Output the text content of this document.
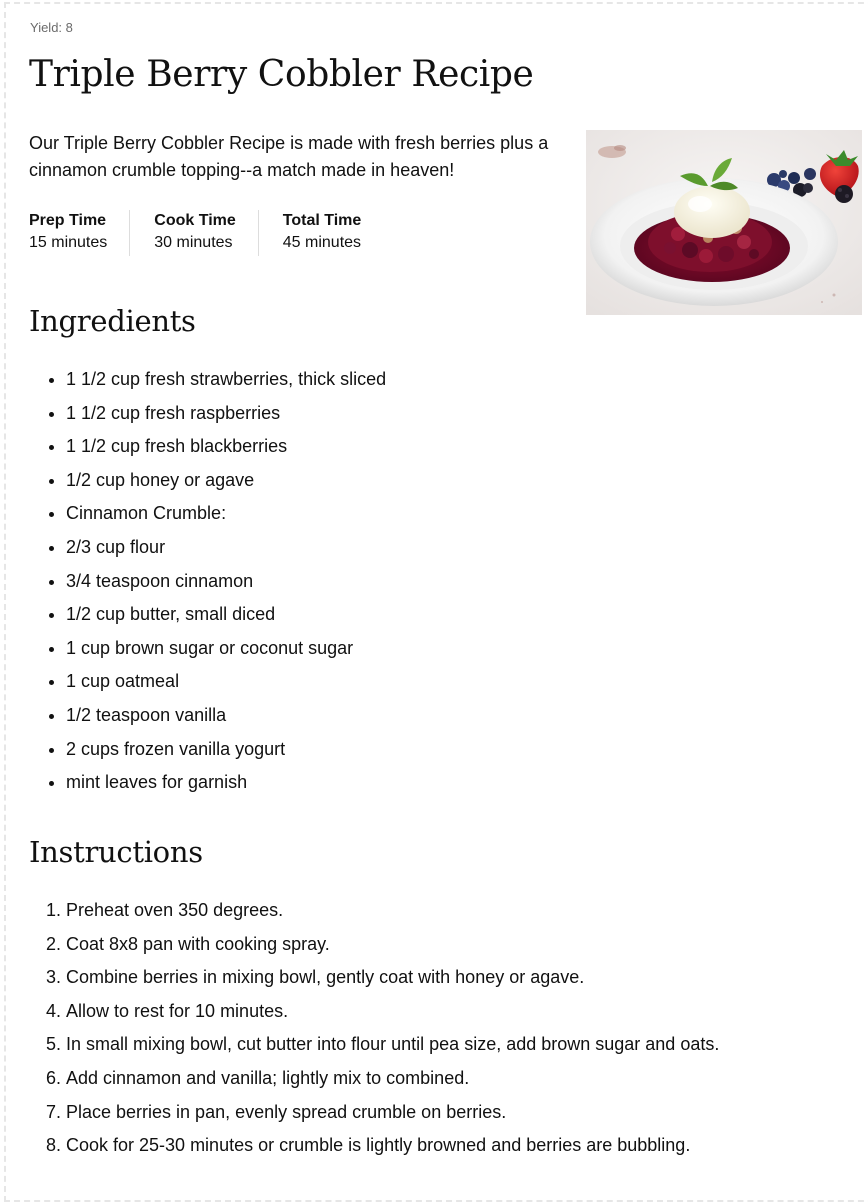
Yield: 8
Triple Berry Cobbler Recipe

Our Triple Berry Cobbler Recipe is made with fresh berries plus a cinnamon crumble topping--a match made in heaven!

Prep Time
15 minutes
Cook Time
30 minutes
Total Time
45 minutes
Ingredients
• 1 1/2 cup fresh strawberries, thick sliced
• 1 1/2 cup fresh raspberries
• 1 1/2 cup fresh blackberries
• 1/2 cup honey or agave
• Cinnamon Crumble:
• 2/3 cup flour
• 3/4 teaspoon cinnamon
• 1/2 cup butter, small diced
• 1 cup brown sugar or coconut sugar
• 1 cup oatmeal
• 1/2 teaspoon vanilla
• 2 cups frozen vanilla yogurt
• mint leaves for garnish
Instructions
1. Preheat oven 350 degrees.
2. Coat 8x8 pan with cooking spray.
3. Combine berries in mixing bowl, gently coat with honey or agave.
4. Allow to rest for 10 minutes.
5. In small mixing bowl, cut butter into flour until pea size, add brown sugar and oats.
6. Add cinnamon and vanilla; lightly mix to combined.
7. Place berries in pan, evenly spread crumble on berries.
8. Cook for 25-30 minutes or crumble is lightly browned and berries are bubbling.
